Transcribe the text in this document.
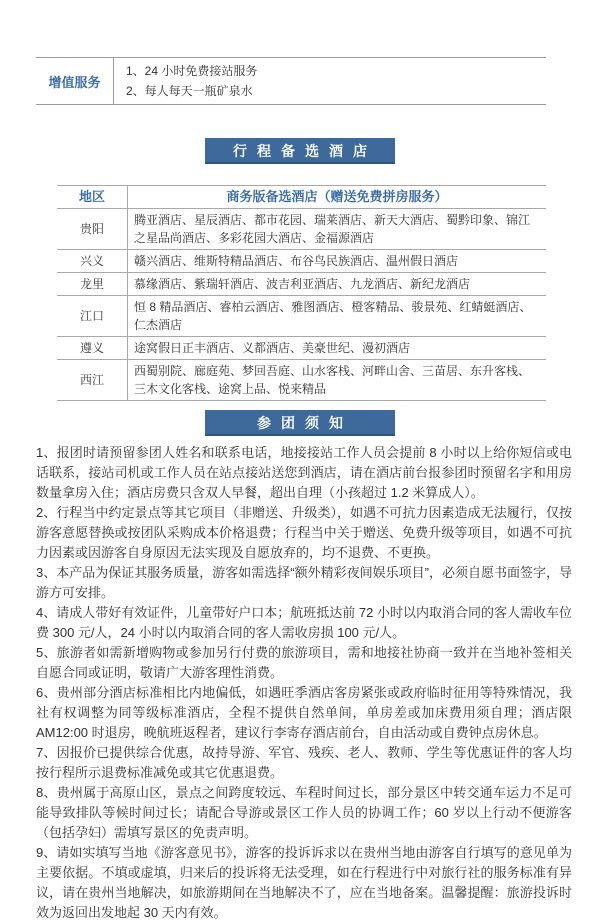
增值服务

1、24 小时免费接站服务

2、每人每天一瓶矿泉水

行程备选酒店
地区	商务版备选酒店（赠送免费拼房服务）
贵阳	腾亚酒店、星辰酒店、都市花园、瑞莱酒店、新天大酒店、蜀黔印象、锦江之星品尚酒店、多彩花园大酒店、金福源酒店
兴义	赣兴酒店、维斯特精品酒店、布谷鸟民族酒店、温州假日酒店
龙里	慕缘酒店、紫瑞轩酒店、波吉利亚酒店、九龙酒店、新纪龙酒店
江口	恒 8 精品酒店、睿柏云酒店、雅图酒店、橙客精品、骏景苑、红蜻蜓酒店、仁杰酒店
遵义	途窝假日正丰酒店、义都酒店、美豪世纪、漫初酒店
西江	西蜀别院、廊庭苑、梦回吾庭、山水客栈、河畔山舍、三苗居、东升客栈、三木文化客栈、途窝上品、悦来精品
参团须知

1、报团时请预留参团人姓名和联系电话，地接接站工作人员会提前 8 小时以上给你短信或电话联系，接站司机或工作人员在站点接站送您到酒店，请在酒店前台报参团时预留名字和用房数量拿房入住；酒店房费只含双人早餐，超出自理（小孩超过 1.2 米算成人）。

2、行程当中约定景点等其它项目（非赠送、升级类），如遇不可抗力因素造成无法履行，仅按游客意愿替换或按团队采购成本价格退费；行程当中关于赠送、免费升级等项目，如遇不可抗力因素或因游客自身原因无法实现及自愿放弃的，均不退费、不更换。

3、本产品为保证其服务质量，游客如需选择“额外精彩夜间娱乐项目”，必须自愿书面签字，导游方可安排。

4、请成人带好有效证件，儿童带好户口本；航班抵达前 72 小时以内取消合同的客人需收车位费 300 元/人，24 小时以内取消合同的客人需收房损 100 元/人。

5、旅游者如需新增购物或参加另行付费的旅游项目，需和地接社协商一致并在当地补签相关自愿合同或证明，敬请广大游客理性消费。

6、贵州部分酒店标准相比内地偏低，如遇旺季酒店客房紧张或政府临时征用等特殊情况，我社有权调整为同等级标准酒店，全程不提供自然单间，单房差或加床费用须自理；酒店限 AM12:00 时退房，晚航班返程者，建议行李寄存酒店前台，自由活动或自费钟点房休息。

7、因报价已提供综合优惠，故持导游、军官、残疾、老人、教师、学生等优惠证件的客人均按行程所示退费标准减免或其它优惠退费。

8、贵州属于高原山区，景点之间跨度较远、车程时间过长，部分景区中转交通车运力不足可能导致排队等候时间过长；请配合导游或景区工作人员的协调工作；60 岁以上行动不便游客（包括孕妇）需填写景区的免责声明。

9、请如实填写当地《游客意见书》，游客的投诉诉求以在贵州当地由游客自行填写的意见单为主要依据。不填或虚填，归来后的投诉将无法受理，如在行程进行中对旅行社的服务标准有异议，请在贵州当地解决，如旅游期间在当地解决不了，应在当地备案。温馨提醒：旅游投诉时效为返回出发地起 30 天内有效。
